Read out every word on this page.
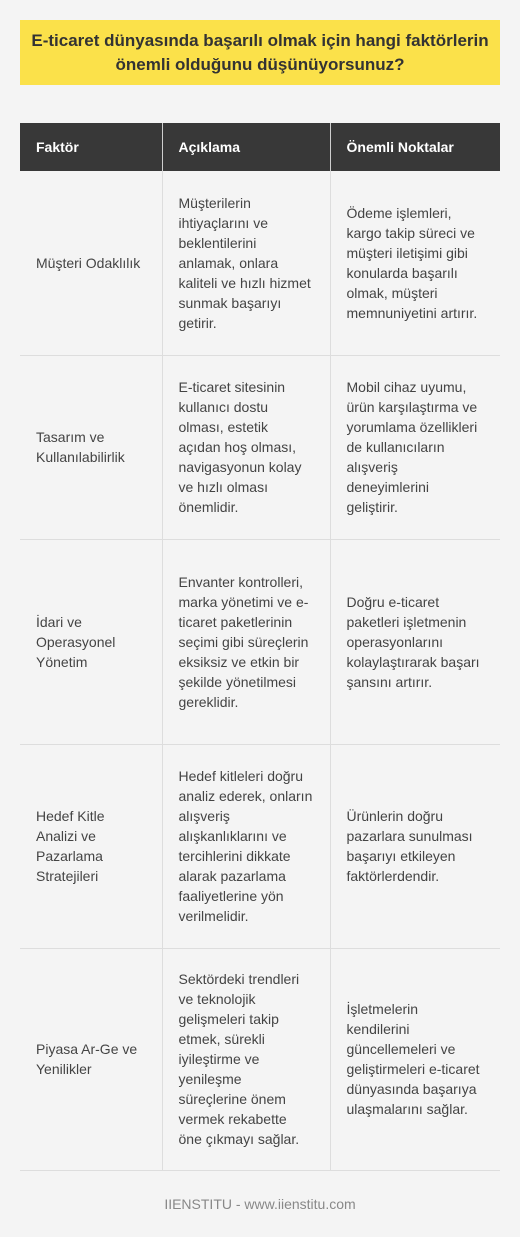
E-ticaret dünyasında başarılı olmak için hangi faktörlerin önemli olduğunu düşünüyorsunuz?
Faktör	Açıklama	Önemli Noktalar
Müşteri Odaklılık	Müşterilerin ihtiyaçlarını ve beklentilerini anlamak, onlara kaliteli ve hızlı hizmet sunmak başarıyı getirir.	Ödeme işlemleri, kargo takip süreci ve müşteri iletişimi gibi konularda başarılı olmak, müşteri memnuniyetini artırır.
Tasarım ve Kullanılabilirlik	E-ticaret sitesinin kullanıcı dostu olması, estetik açıdan hoş olması, navigasyonun kolay ve hızlı olması önemlidir.	Mobil cihaz uyumu, ürün karşılaştırma ve yorumlama özellikleri de kullanıcıların alışveriş deneyimlerini geliştirir.
İdari ve Operasyonel Yönetim	Envanter kontrolleri, marka yönetimi ve e-ticaret paketlerinin seçimi gibi süreçlerin eksiksiz ve etkin bir şekilde yönetilmesi gereklidir.	Doğru e-ticaret paketleri işletmenin operasyonlarını kolaylaştırarak başarı şansını artırır.
Hedef Kitle Analizi ve Pazarlama Stratejileri	Hedef kitleleri doğru analiz ederek, onların alışveriş alışkanlıklarını ve tercihlerini dikkate alarak pazarlama faaliyetlerine yön verilmelidir.	Ürünlerin doğru pazarlara sunulması başarıyı etkileyen faktörlerdendir.
Piyasa Ar-Ge ve Yenilikler	Sektördeki trendleri ve teknolojik gelişmeleri takip etmek, sürekli iyileştirme ve yenileşme süreçlerine önem vermek rekabette öne çıkmayı sağlar.	İşletmelerin kendilerini güncellemeleri ve geliştirmeleri e-ticaret dünyasında başarıya ulaşmalarını sağlar.
IIENSTITU - www.iienstitu.com
